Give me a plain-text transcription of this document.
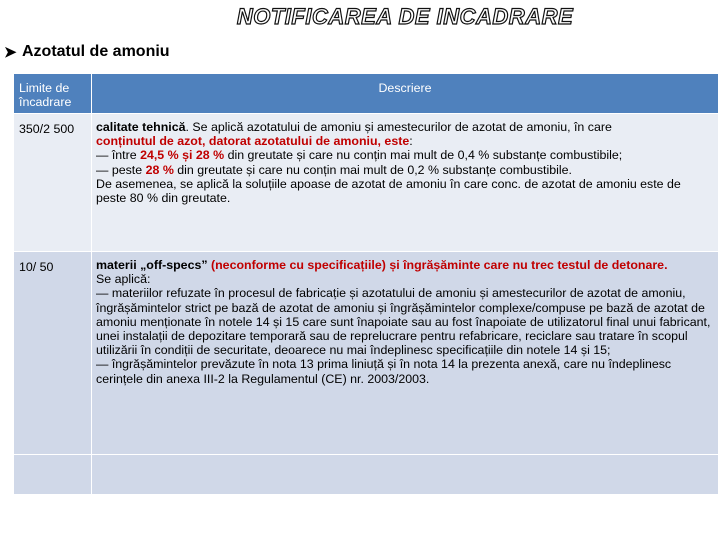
NOTIFICAREA DE INCADRARE
➤ Azotatul de amoniu
Limite de
încadrare
Descriere
350/2 500 calitate tehnică. Se aplică azotatului de amoniu și amestecurilor de azotat de amoniu, în care

conținutul de azot, datorat azotatului de amoniu, este:

— între 24,5 % și 28 % din greutate și care nu conțin mai mult de 0,4 % substanțe combustibile;

— peste 28 % din greutate și care nu conțin mai mult de 0,2 % substanțe combustibile.

De asemenea, se aplică la soluțiile apoase de azotat de amoniu în care conc. de azotat de amoniu este de peste 80 % din greutate.

10/ 50	materii „off-specs” (neconforme cu specificațiile) și îngrășăminte care nu trec testul de detonare.

Se aplică:

— materiilor refuzate în procesul de fabricație și azotatului de amoniu și amestecurilor de azotat de amoniu, îngrășămintelor strict pe bază de azotat de amoniu și îngrășămintelor complexe/compuse pe bază de azotat de amoniu menționate în notele 14 și 15 care sunt înapoiate sau au fost înapoiate de utilizatorul final unui fabricant, unei instalații de depozitare temporară sau de reprelucrare pentru refabricare, reciclare sau tratare în scopul utilizării în condiții de securitate, deoarece nu mai îndeplinesc specificațiile din notele 14 și 15;

— îngrășămintelor prevăzute în nota 13 prima liniuță și în nota 14 la prezenta anexă, care nu îndeplinesc cerințele din anexa III-2 la Regulamentul (CE) nr. 2003/2003.
